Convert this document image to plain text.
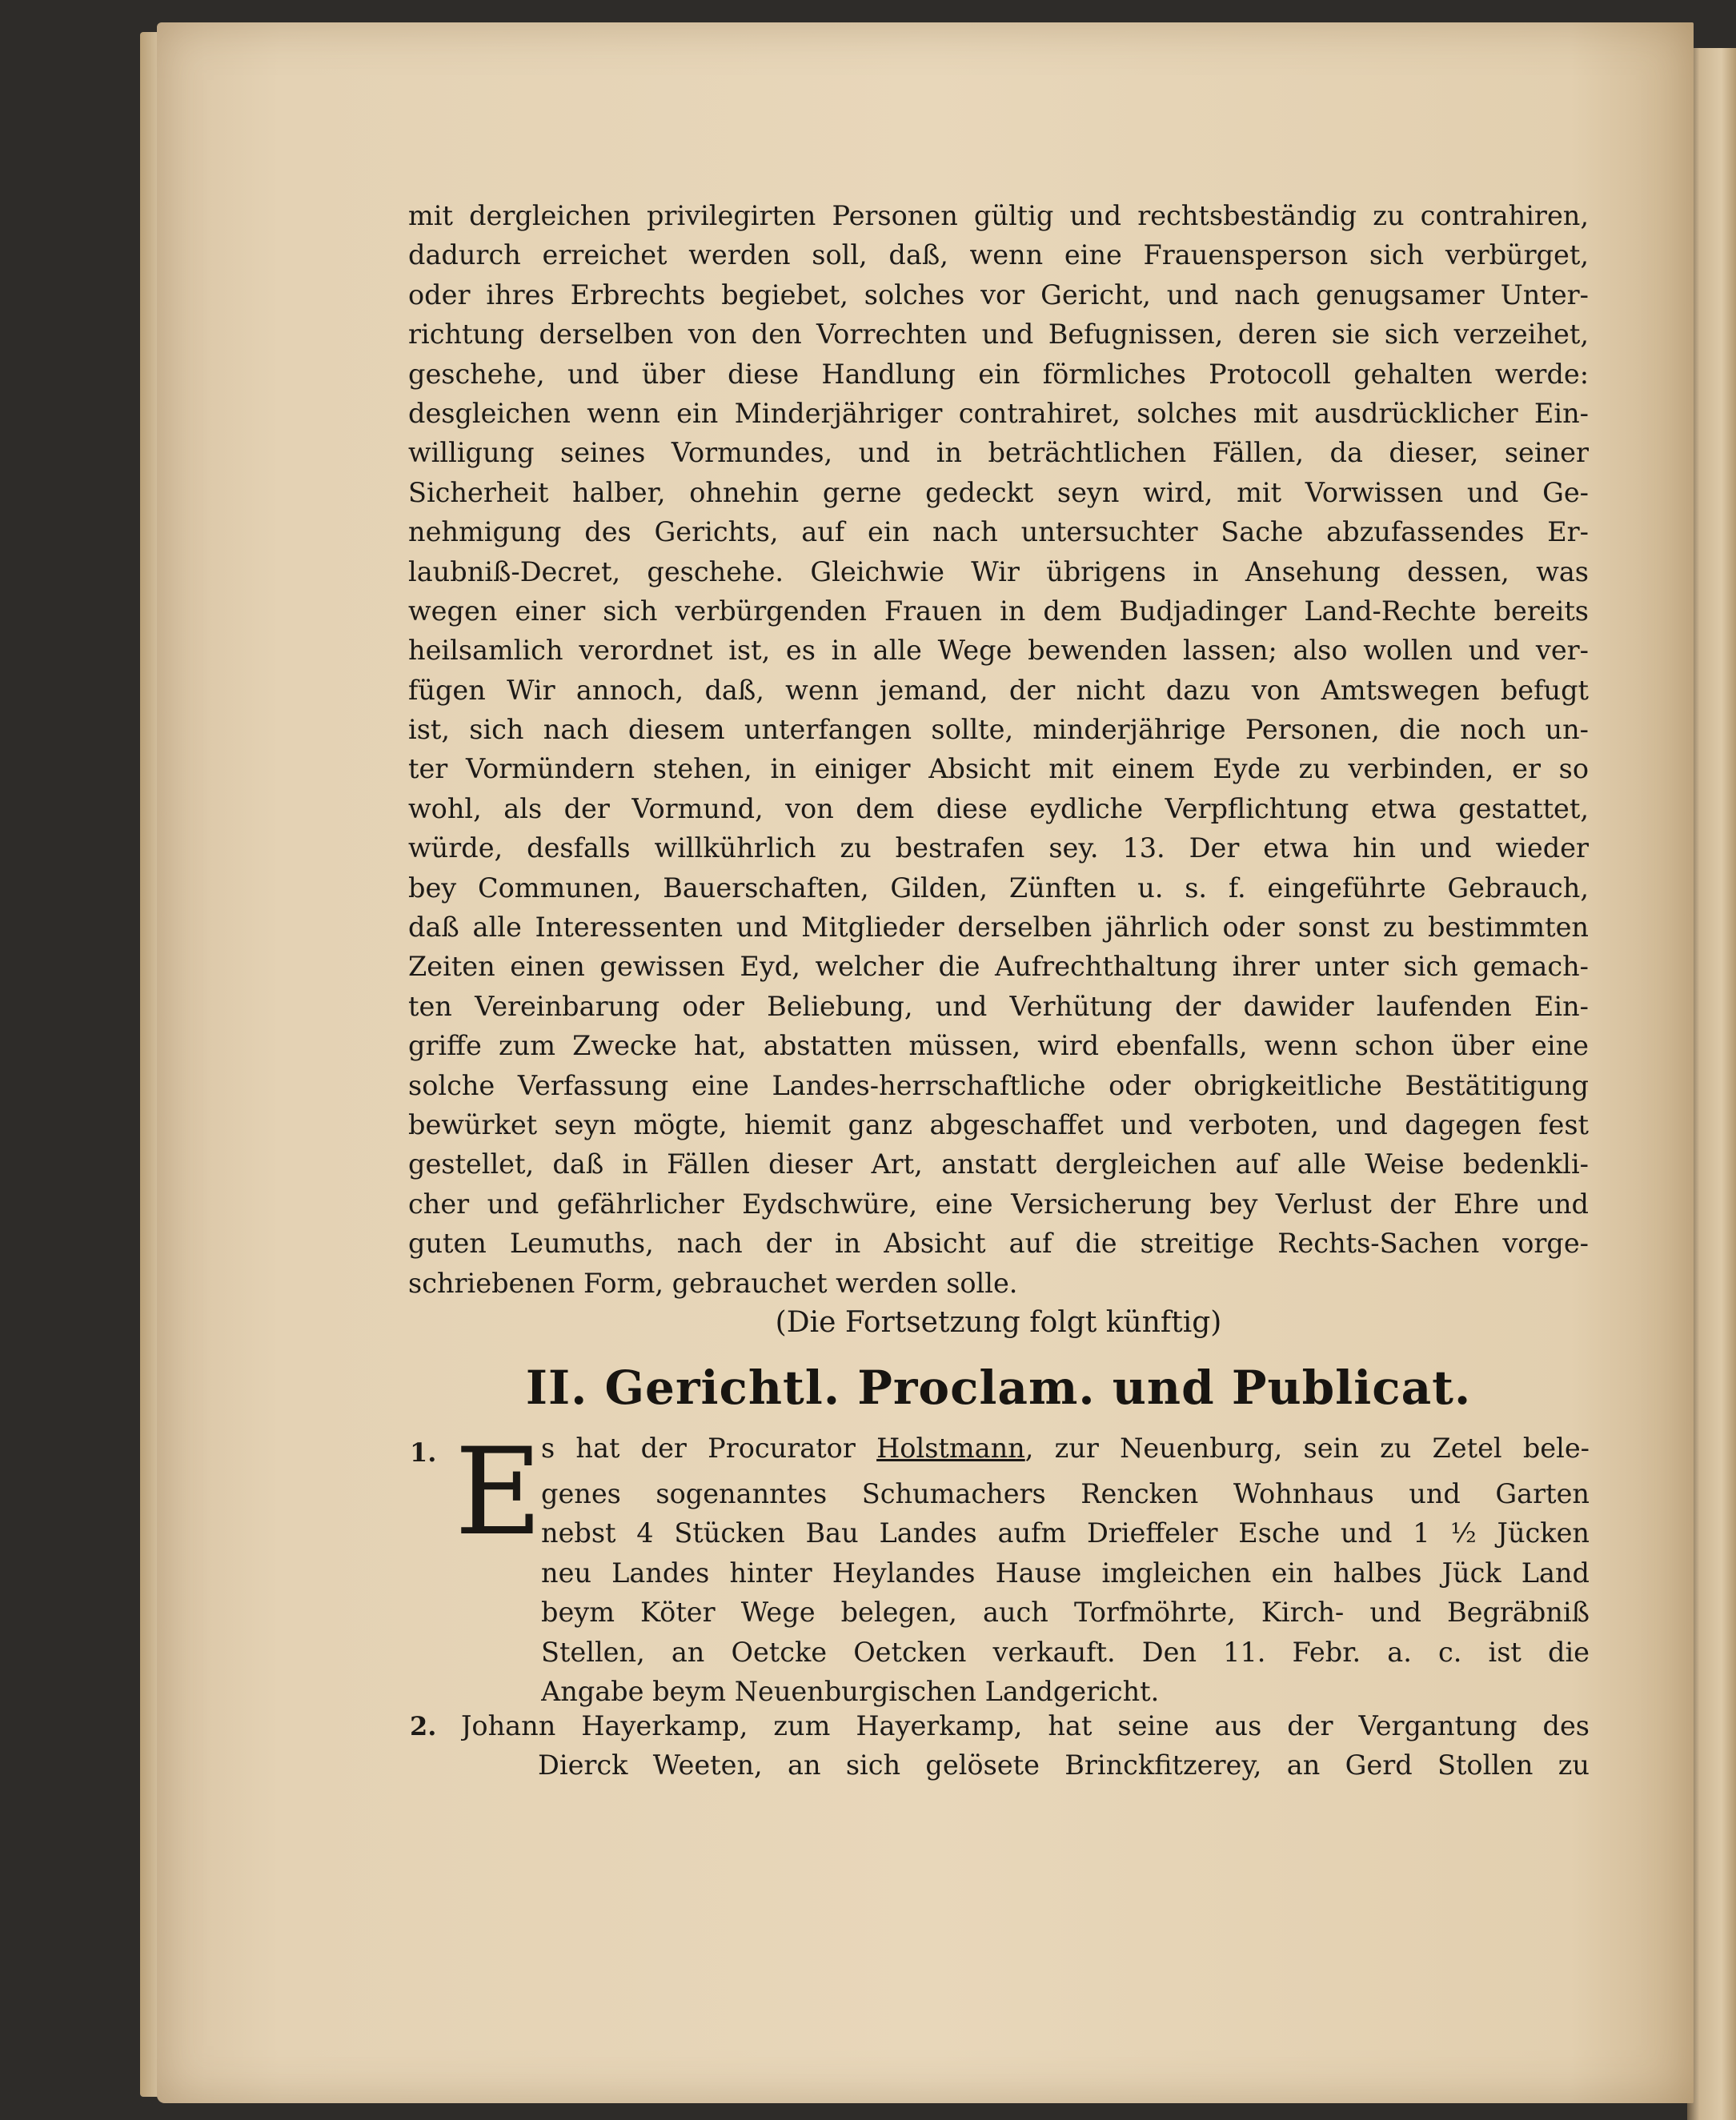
mit dergleichen privilegirten Personen gültig und rechtsbeständig zu contrahiren,
dadurch erreichet werden soll, daß, wenn eine Frauensperson sich verbürget,
oder ihres Erbrechts begiebet, solches vor Gericht, und nach genugsamer Unter-
richtung derselben von den Vorrechten und Befugnissen, deren sie sich verzeihet,
geschehe, und über diese Handlung ein förmliches Protocoll gehalten werde:
desgleichen wenn ein Minderjähriger contrahiret, solches mit ausdrücklicher Ein-
willigung seines Vormundes, und in beträchtlichen Fällen, da dieser, seiner
Sicherheit halber, ohnehin gerne gedeckt seyn wird, mit Vorwissen und Ge-
nehmigung des Gerichts, auf ein nach untersuchter Sache abzufassendes Er-
laubniß-Decret, geschehe. Gleichwie Wir übrigens in Ansehung dessen, was
wegen einer sich verbürgenden Frauen in dem Budjadinger Land-Rechte bereits
heilsamlich verordnet ist, es in alle Wege bewenden lassen; also wollen und ver-
fügen Wir annoch, daß, wenn jemand, der nicht dazu von Amtswegen befugt
ist, sich nach diesem unterfangen sollte, minderjährige Personen, die noch un-
ter Vormündern stehen, in einiger Absicht mit einem Eyde zu verbinden, er so
wohl, als der Vormund, von dem diese eydliche Verpflichtung etwa gestattet,
würde, desfalls willkührlich zu bestrafen sey. 13. Der etwa hin und wieder
bey Communen, Bauerschaften, Gilden, Zünften u. s. f. eingeführte Gebrauch,
daß alle Interessenten und Mitglieder derselben jährlich oder sonst zu bestimmten
Zeiten einen gewissen Eyd, welcher die Aufrechthaltung ihrer unter sich gemach-
ten Vereinbarung oder Beliebung, und Verhütung der dawider laufenden Ein-
griffe zum Zwecke hat, abstatten müssen, wird ebenfalls, wenn schon über eine
solche Verfassung eine Landes-herrschaftliche oder obrigkeitliche Bestätitigung
bewürket seyn mögte, hiemit ganz abgeschaffet und verboten, und dagegen fest
gestellet, daß in Fällen dieser Art, anstatt dergleichen auf alle Weise bedenkli-
cher und gefährlicher Eydschwüre, eine Versicherung bey Verlust der Ehre und
guten Leumuths, nach der in Absicht auf die streitige Rechts-Sachen vorge-
schriebenen Form, gebrauchet werden solle.
(Die Fortsetzung folgt künftig)
II. Gerichtl. Proclam. und Publicat.
1. E
s hat der Procurator Holstmann, zur Neuenburg, sein zu Zetel bele-
genes sogenanntes Schumachers Rencken Wohnhaus und Garten
nebst 4 Stücken Bau Landes aufm Drieffeler Esche und 1 ½ Jücken
neu Landes hinter Heylandes Hause imgleichen ein halbes Jück Land
beym Köter Wege belegen, auch Torfmöhrte, Kirch- und Begräbniß
Stellen, an Oetcke Oetcken verkauft. Den 11. Febr. a. c. ist die
Angabe beym Neuenburgischen Landgericht.
2. Johann Hayerkamp, zum Hayerkamp, hat seine aus der Vergantung des
Dierck Weeten, an sich gelösete Brinckfitzerey, an Gerd Stollen zu
